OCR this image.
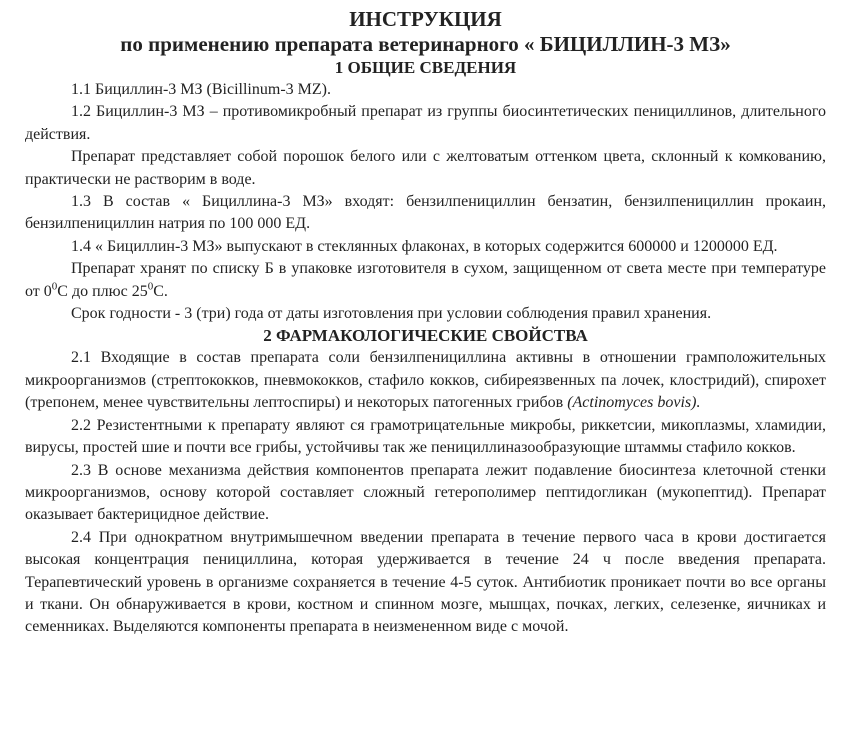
ИНСТРУКЦИЯ
по применению препарата ветеринарного « БИЦИЛЛИН-3 МЗ»
1 ОБЩИЕ СВЕДЕНИЯ

1.1 Бициллин-3 МЗ (Bicillinum-3 MZ).

1.2 Бициллин-3 МЗ – противомикробный препарат из группы биосинтетических пенициллинов, длительного действия.

Препарат представляет собой порошок белого или с желтоватым оттенком цвета, склонный к комкованию, практически не растворим в воде.

1.3 В состав « Бициллина-3 МЗ» входят: бензилпенициллин бензатин, бензилпенициллин прокаин, бензилпенициллин натрия по 100 000 ЕД.

1.4 « Бициллин-3 МЗ» выпускают в стеклянных флаконах, в которых содержится 600000 и 1200000 ЕД.

Препарат хранят по списку Б в упаковке изготовителя в сухом, защищенном от света месте при температуре от $0^0С$ до плюс $25^0С$.

Срок годности - 3 (три) года от даты изготовления при условии соблюдения правил хранения.

2 ФАРМАКОЛОГИЧЕСКИЕ СВОЙСТВА

2.1 Входящие в состав препарата соли бензилпенициллина активны в отношении грамположительных микроорганизмов (стрептококков, пневмококков, стафило кокков, сибиреязвенных па лочек, клостридий), спирохет (трепонем, менее чувствительны лептоспиры) и некоторых патогенных грибов (Actinomyces bovis).

2.2 Резистентными к препарату являют ся грамотрицательные микробы, риккетсии, микоплазмы, хламидии, вирусы, простей шие и почти все грибы, устойчивы так же пенициллиназообразующие штаммы стафило кокков.

2.3 В основе механизма действия компонентов препарата лежит подавление биосинтеза клеточной стенки микроорганизмов, основу которой составляет сложный гетерополимер пептидогликан (мукопептид). Препарат оказывает бактерицидное действие.

2.4 При однократном внутримышечном введении препарата в течение первого часа в крови достигается высокая концентрация пенициллина, которая удерживается в течение 24 ч после введения препарата. Терапевтический уровень в организме сохраняется в течение 4-5 суток. Антибиотик проникает почти во все органы и ткани. Он обнаруживается в крови, костном и спинном мозге, мышцах, почках, легких, селезенке, яичниках и семенниках. Выделяются компоненты препарата в неизмененном виде с мочой.
